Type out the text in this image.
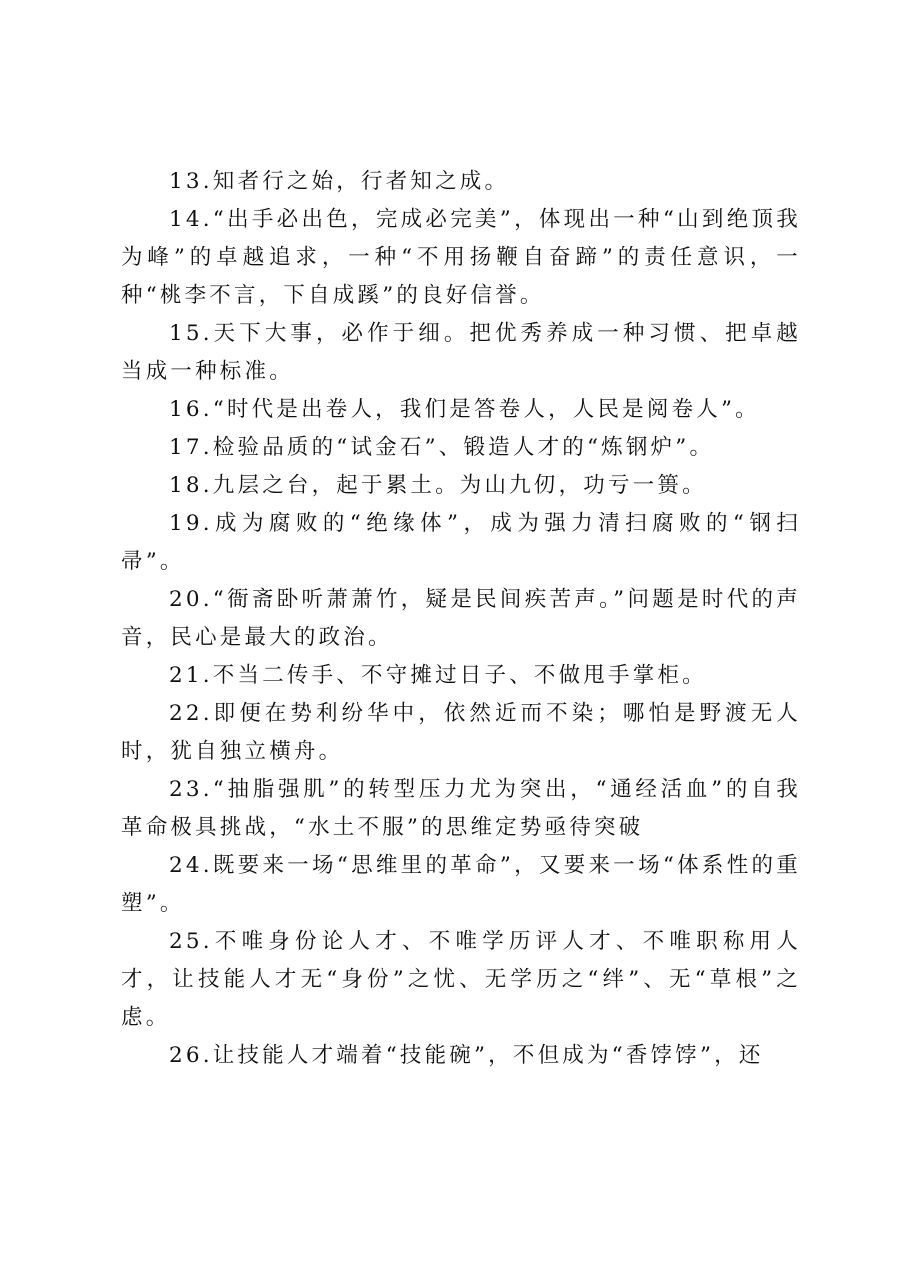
13.知者行之始，行者知之成。

14.“出手必出色，完成必完美”，体现出一种“山到绝顶我为峰”的卓越追求，一种“不用扬鞭自奋蹄”的责任意识，一种“桃李不言，下自成蹊”的良好信誉。

15.天下大事，必作于细。把优秀养成一种习惯、把卓越当成一种标准。

16.“时代是出卷人，我们是答卷人，人民是阅卷人”。

17.检验品质的“试金石”、锻造人才的“炼钢炉”。

18.九层之台，起于累土。为山九仞，功亏一篑。

19.成为腐败的“绝缘体”，成为强力清扫腐败的“钢扫帚”。

20.“衙斋卧听萧萧竹，疑是民间疾苦声。”问题是时代的声音，民心是最大的政治。

21.不当二传手、不守摊过日子、不做甩手掌柜。

22.即便在势利纷华中，依然近而不染；哪怕是野渡无人时，犹自独立横舟。

23.“抽脂强肌”的转型压力尤为突出，“通经活血”的自我革命极具挑战，“水土不服”的思维定势亟待突破

24.既要来一场“思维里的革命”，又要来一场“体系性的重塑”。

25.不唯身份论人才、不唯学历评人才、不唯职称用人才，让技能人才无“身份”之忧、无学历之“绊”、无“草根”之虑。

26.让技能人才端着“技能碗”，不但成为“香饽饽”，还
